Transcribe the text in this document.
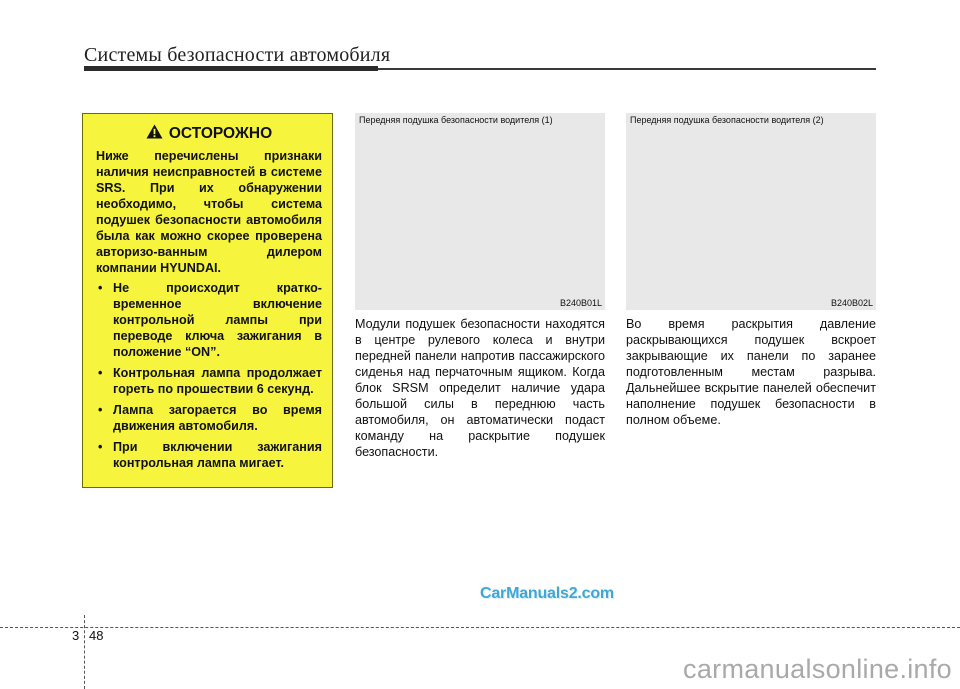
Системы безопасности автомобиля
ОСТОРОЖНО

Ниже перечислены признаки наличия неисправностей в системе SRS. При их обнаружении необходимо, чтобы система подушек безопасности автомобиля была как можно скорее проверена авторизо-ванным дилером компании HYUNDAI.

• Не происходит кратко-временное включение контрольной лампы при переводе ключа зажигания в положение “ON”.
• Контрольная лампа продолжает гореть по прошествии 6 секунд.
• Лампа загорается во время движения автомобиля.
• При включении зажигания контрольная лампа мигает.
Передняя подушка безопасности водителя (1)
B240B01L
Передняя подушка безопасности водителя (2)
B240B02L

Модули подушек безопасности находятся в центре рулевого колеса и внутри передней панели напротив пассажирского сиденья над перчаточным ящиком. Когда блок SRSM определит наличие удара большой силы в переднюю часть автомобиля, он автоматически подаст команду на раскрытие подушек безопасности.

Во время раскрытия давление раскрывающихся подушек вскроет закрывающие их панели по заранее подготовленным местам разрыва. Дальнейшее вскрытие панелей обеспечит наполнение подушек безопасности в полном объеме.

CarManuals2.com
3 48
carmanualsonline.info
